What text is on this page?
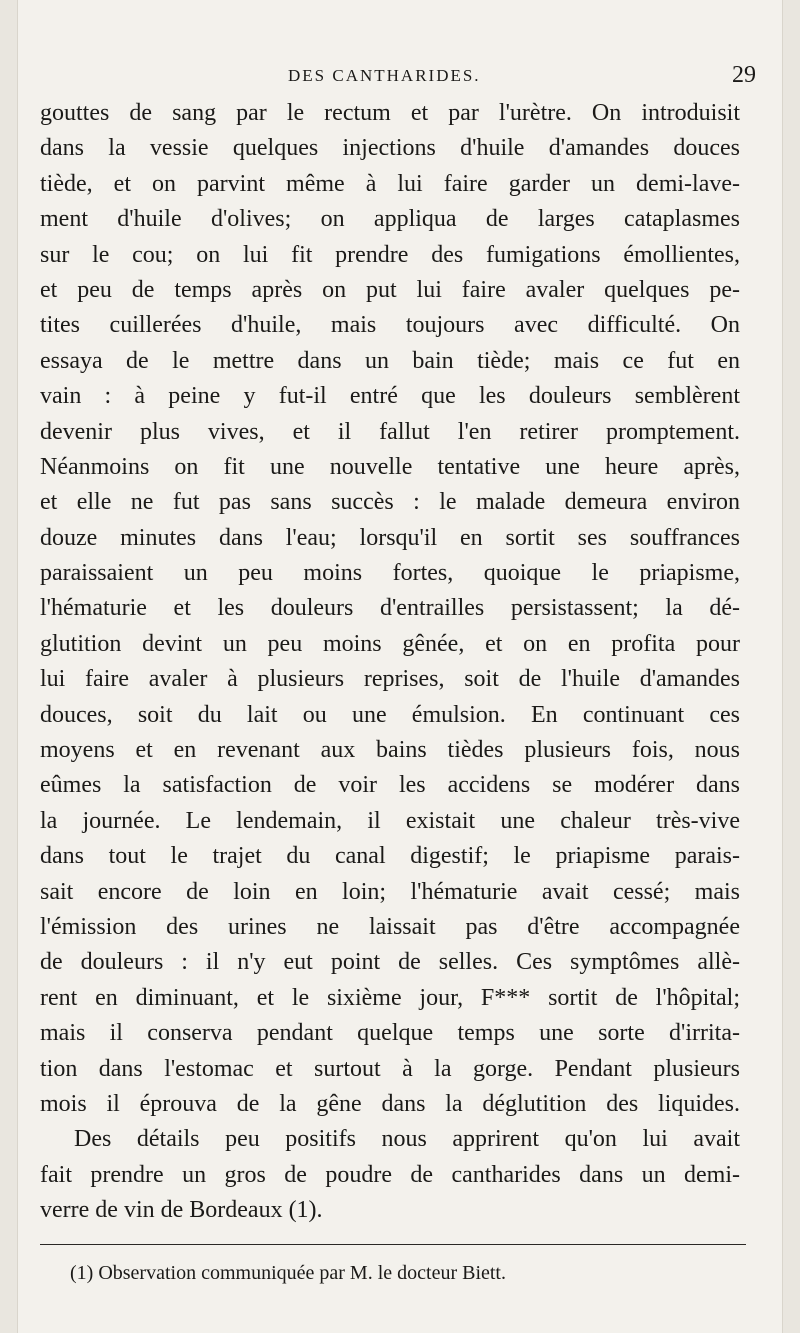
DES CANTHARIDES.	29
gouttes de sang par le rectum et par l'urètre. On introduisit
dans la vessie quelques injections d'huile d'amandes douces
tiède, et on parvint même à lui faire garder un demi-lave-
ment d'huile d'olives; on appliqua de larges cataplasmes
sur le cou; on lui fit prendre des fumigations émollientes,
et peu de temps après on put lui faire avaler quelques pe-
tites cuillerées d'huile, mais toujours avec difficulté. On
essaya de le mettre dans un bain tiède; mais ce fut en
vain : à peine y fut-il entré que les douleurs semblèrent
devenir plus vives, et il fallut l'en retirer promptement.
Néanmoins on fit une nouvelle tentative une heure après,
et elle ne fut pas sans succès : le malade demeura environ
douze minutes dans l'eau; lorsqu'il en sortit ses souffrances
paraissaient un peu moins fortes, quoique le priapisme,
l'hématurie et les douleurs d'entrailles persistassent; la dé-
glutition devint un peu moins gênée, et on en profita pour
lui faire avaler à plusieurs reprises, soit de l'huile d'amandes
douces, soit du lait ou une émulsion. En continuant ces
moyens et en revenant aux bains tièdes plusieurs fois, nous
eûmes la satisfaction de voir les accidens se modérer dans
la journée. Le lendemain, il existait une chaleur très-vive
dans tout le trajet du canal digestif; le priapisme parais-
sait encore de loin en loin; l'hématurie avait cessé; mais
l'émission des urines ne laissait pas d'être accompagnée
de douleurs : il n'y eut point de selles. Ces symptômes allè-
rent en diminuant, et le sixième jour, F*** sortit de l'hôpital;
mais il conserva pendant quelque temps une sorte d'irrita-
tion dans l'estomac et surtout à la gorge. Pendant plusieurs
mois il éprouva de la gêne dans la déglutition des liquides.
Des détails peu positifs nous apprirent qu'on lui avait
fait prendre un gros de poudre de cantharides dans un demi-
verre de vin de Bordeaux (1).
(1) Observation communiquée par M. le docteur Biett.
